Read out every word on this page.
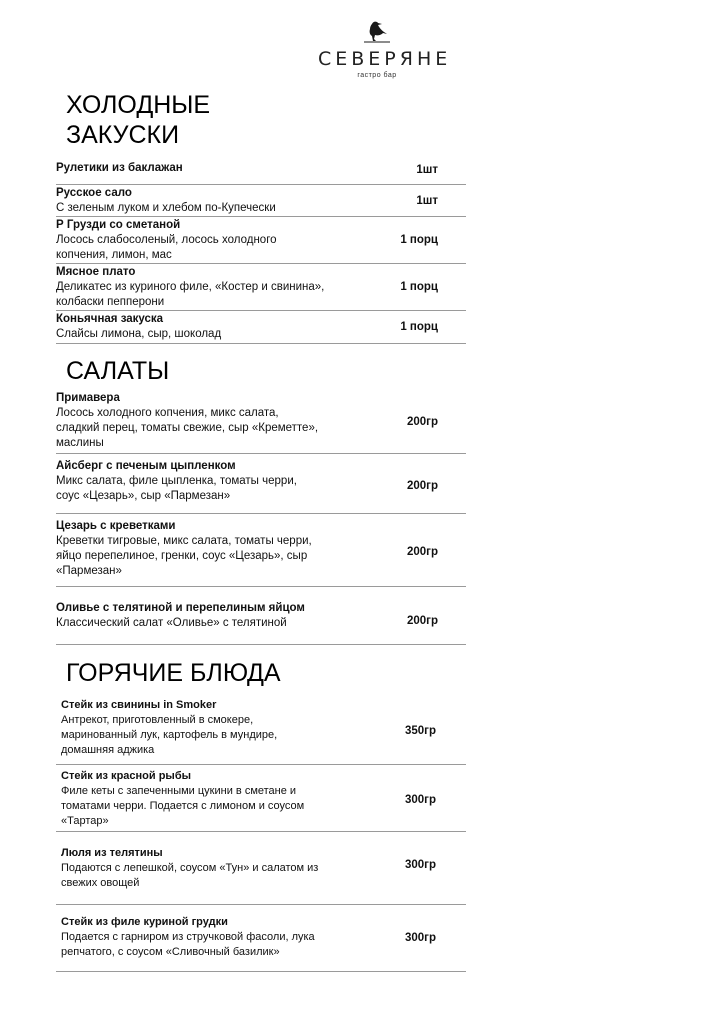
СЕВЕРЯНЕ
гастро бар
ХОЛОДНЫЕ
ЗАКУСКИ
Рулетики из баклажан	1шт
Русское сало
С зеленым луком и хлебом по-Купечески
1шт
Р Грузди со сметаной
Лосось слабосоленый, лосось холодного
копчения, лимон, мас
1 порц
Мясное плато
Деликатес из куриного филе, «Костер и свинина»,
колбаски пепперони
1 порц
Коньячная закуска
Слайсы лимона, сыр, шоколад
1 порц
САЛАТЫ
Примавера
Лосось холодного копчения, микс салата,
сладкий перец, томаты свежие, сыр «Креметте»,
маслины
200гр
Айсберг с печеным цыпленком
Микс салата, филе цыпленка, томаты черри,
соус «Цезарь», сыр «Пармезан»
200гр
Цезарь с креветками
Креветки тигровые, микс салата, томаты черри,
яйцо перепелиное, гренки, соус «Цезарь», сыр
«Пармезан»
200гр
Оливье с телятиной и перепелиным яйцом
Классический салат «Оливье» с телятиной	200гр
ГОРЯЧИЕ БЛЮДА
Стейк из свинины in Smoker
Антрекот, приготовленный в смокере,
маринованный лук, картофель в мундире,
домашняя аджика
350гр
Стейк из красной рыбы
Филе кеты с запеченными цукини в сметане и
томатами черри. Подается с лимоном и соусом
«Тартар»
300гр
Люля из телятины
Подаются с лепешкой, соусом «Тун» и салатом из
свежих овощей
300гр
Стейк из филе куриной грудки
Подается с гарниром из стручковой фасоли, лука
репчатого, с соусом «Сливочный базилик»
300гр
